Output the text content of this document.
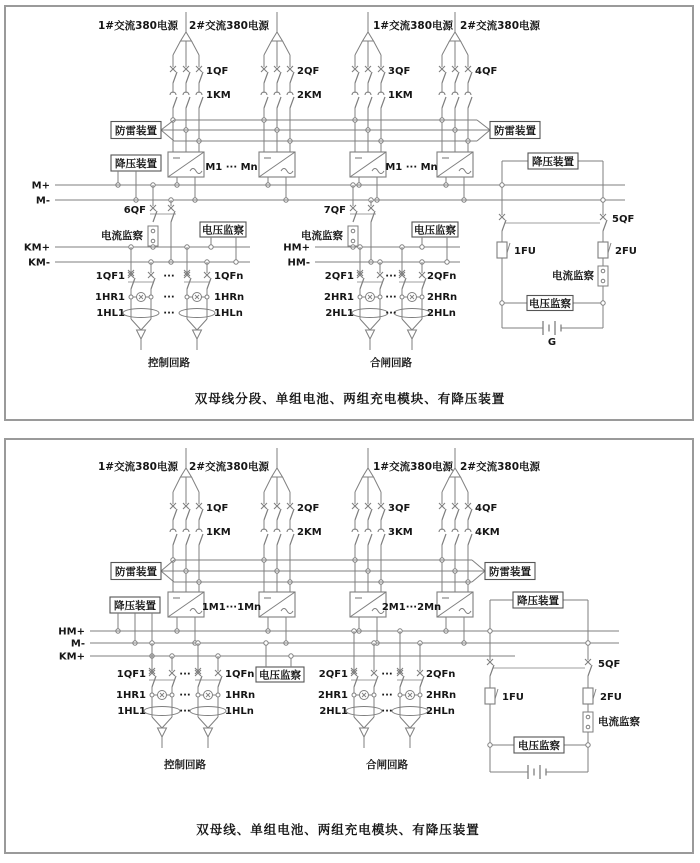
1QF
1KM
1#交流380电源
2QF
2KM
2#交流380电源
3QF
1KM
1#交流380电源
4QF
2#交流380电源
防雷装置	防雷装置
降压装置	M1 ··· Mn	M1 ··· Mn
M+
M-
6QF
电流监察
KM+
KM-
电压监察
1QF1
1HR1
1HL1
1QFn
1HRn
1HLn
···
···
···
控制回路
7QF
电流监察
HM+
HM-
电压监察
2QF1
2HR1
2HL1
2QFn
2HRn
2HLn
···
···
···
合闸回路
降压装置
1FU
5QF
2FU
电流监察
电压监察
G
双母线分段、单组电池、两组充电模块、有降压装置
1QF
1KM
1#交流380电源
2QF
2KM
2#交流380电源
3QF
3KM
1#交流380电源
4QF
4KM
2#交流380电源
防雷装置	防雷装置
降压装置	1M1···1Mn	2M1···2Mn
HM+
M-
KM+
电压监察
1QF1
1HR1
1HL1
1QFn
1HRn
1HLn
···
···
···
控制回路
2QF1
2HR1
2HL1
2QFn
2HRn
2HLn
···
···
···
合闸回路
降压装置
1FU
5QF
2FU
电流监察
电压监察
双母线、单组电池、两组充电模块、有降压装置
